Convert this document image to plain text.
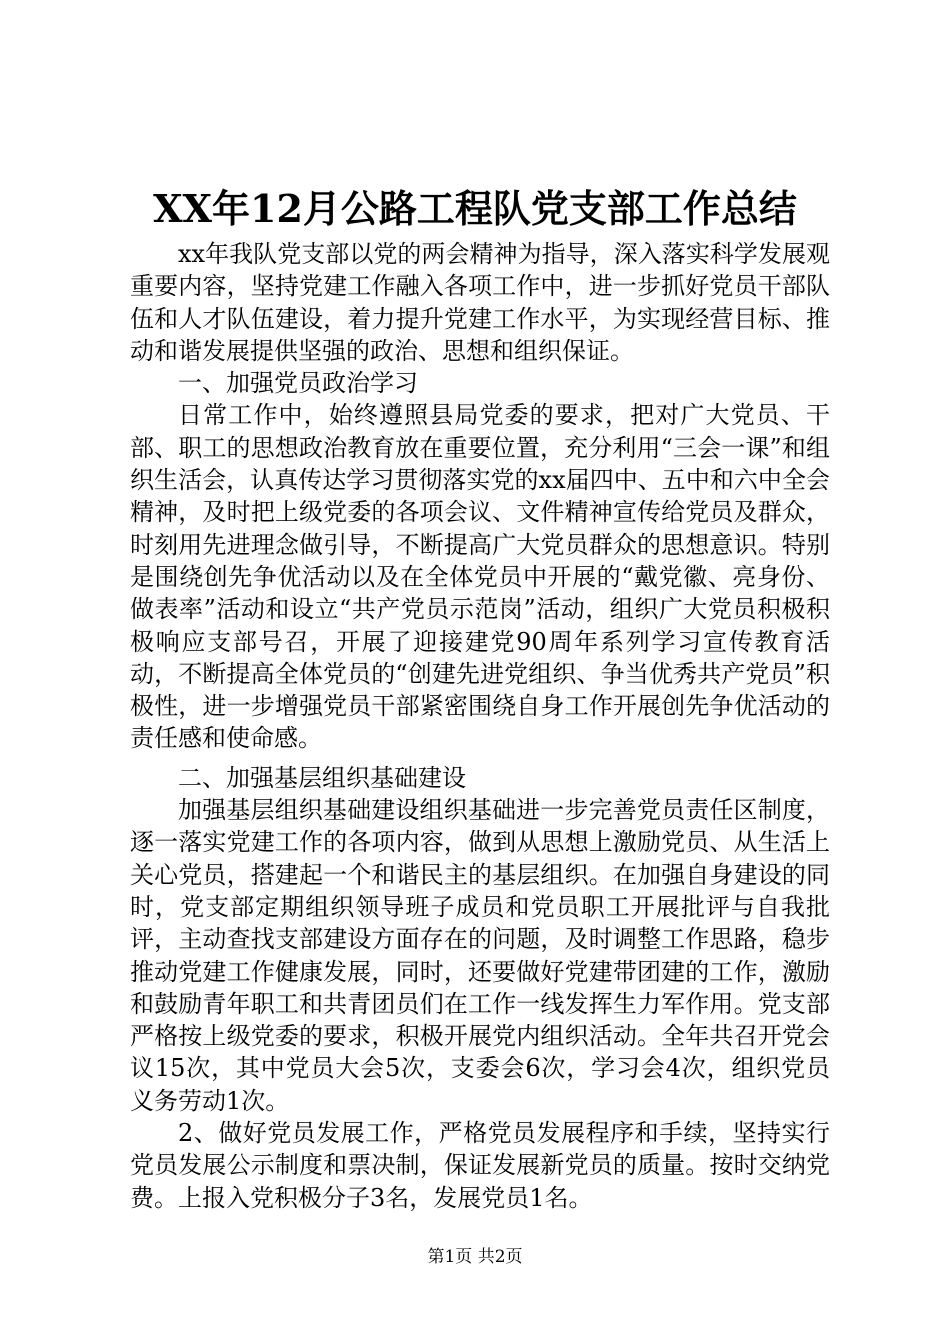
XX年12月公路工程队党支部工作总结

xx年我队党支部以党的两会精神为指导，深入落实科学发展观重要内容，坚持党建工作融入各项工作中，进一步抓好党员干部队伍和人才队伍建设，着力提升党建工作水平，为实现经营目标、推动和谐发展提供坚强的政治、思想和组织保证。

一、加强党员政治学习

日常工作中，始终遵照县局党委的要求，把对广大党员、干部、职工的思想政治教育放在重要位置，充分利用“三会一课”和组织生活会，认真传达学习贯彻落实党的xx届四中、五中和六中全会精神，及时把上级党委的各项会议、文件精神宣传给党员及群众，时刻用先进理念做引导，不断提高广大党员群众的思想意识。特别是围绕创先争优活动以及在全体党员中开展的“戴党徽、亮身份、做表率”活动和设立“共产党员示范岗”活动，组织广大党员积极积极响应支部号召，开展了迎接建党90周年系列学习宣传教育活动，不断提高全体党员的“创建先进党组织、争当优秀共产党员”积极性，进一步增强党员干部紧密围绕自身工作开展创先争优活动的责任感和使命感。

二、加强基层组织基础建设

加强基层组织基础建设组织基础进一步完善党员责任区制度，逐一落实党建工作的各项内容，做到从思想上激励党员、从生活上关心党员，搭建起一个和谐民主的基层组织。在加强自身建设的同时，党支部定期组织领导班子成员和党员职工开展批评与自我批评，主动查找支部建设方面存在的问题，及时调整工作思路，稳步推动党建工作健康发展，同时，还要做好党建带团建的工作，激励和鼓励青年职工和共青团员们在工作一线发挥生力军作用。党支部严格按上级党委的要求，积极开展党内组织活动。全年共召开党会议15次，其中党员大会5次，支委会6次，学习会4次，组织党员义务劳动1次。

2、做好党员发展工作，严格党员发展程序和手续，坚持实行党员发展公示制度和票决制，保证发展新党员的质量。按时交纳党费。上报入党积极分子3名，发展党员1名。

第1页 共2页
